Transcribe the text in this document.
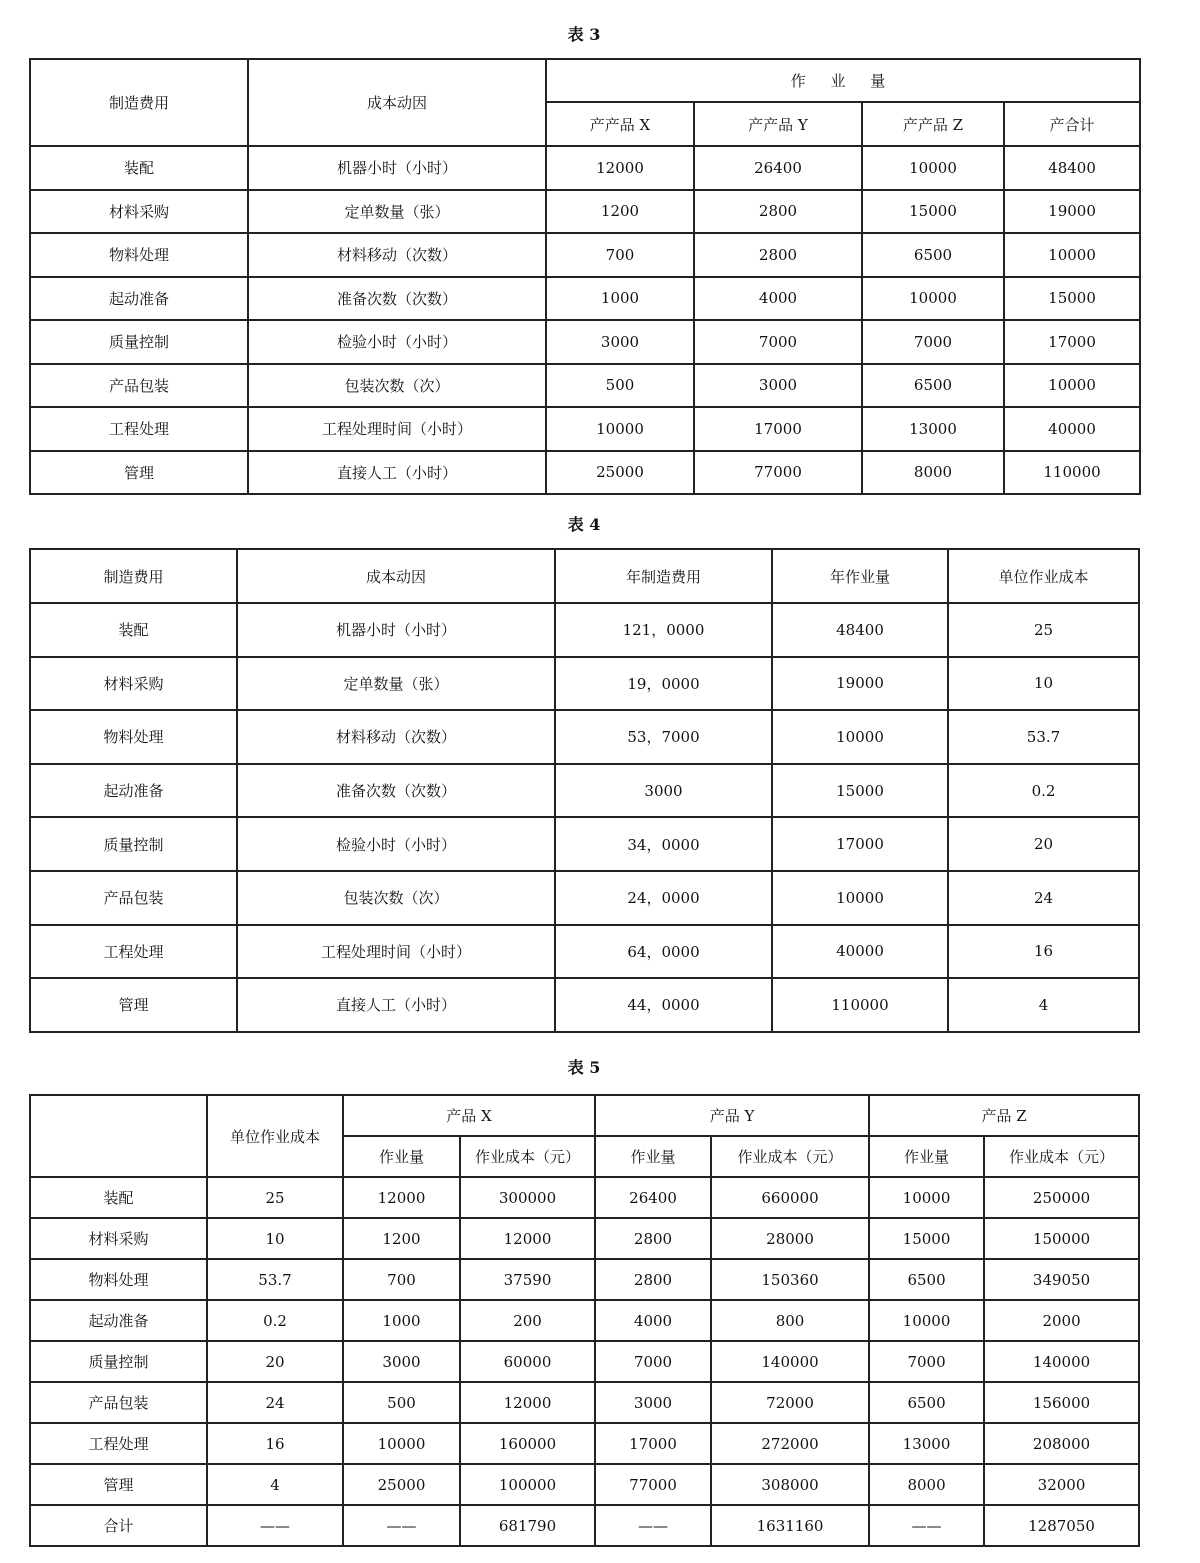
表 3
制造费用	成本动因	作 业 量			
		产产品 X	产产品 Y	产产品 Z	产合计
装配	机器小时（小时）	12000	26400	10000	48400
材料采购	定单数量（张）	1200	2800	15000	19000
物料处理	材料移动（次数）	700	2800	6500	10000
起动准备	准备次数（次数）	1000	4000	10000	15000
质量控制	检验小时（小时）	3000	7000	7000	17000
产品包装	包装次数（次）	500	3000	6500	10000
工程处理	工程处理时间（小时）	10000	17000	13000	40000
管理	直接人工（小时）	25000	77000	8000	110000
表 4
制造费用	成本动因	年制造费用	年作业量	单位作业成本
装配	机器小时（小时）	121，0000	48400	25
材料采购	定单数量（张）	19，0000	19000	10
物料处理	材料移动（次数）	53，7000	10000	53.7
起动准备	准备次数（次数）	3000	15000	0.2
质量控制	检验小时（小时）	34，0000	17000	20
产品包装	包装次数（次）	24，0000	10000	24
工程处理	工程处理时间（小时）	64，0000	40000	16
管理	直接人工（小时）	44，0000	110000	4
表 5
	单位作业成本	产品 X		产品 Y		产品 Z	
		作业量	作业成本（元）	作业量	作业成本（元）	作业量	作业成本（元）
装配	25	12000	300000	26400	660000	10000	250000
材料采购	10	1200	12000	2800	28000	15000	150000
物料处理	53.7	700	37590	2800	150360	6500	349050
起动准备	0.2	1000	200	4000	800	10000	2000
质量控制	20	3000	60000	7000	140000	7000	140000
产品包装	24	500	12000	3000	72000	6500	156000
工程处理	16	10000	160000	17000	272000	13000	208000
管理	4	25000	100000	77000	308000	8000	32000
合计	——	——	681790	——	1631160	——	1287050
